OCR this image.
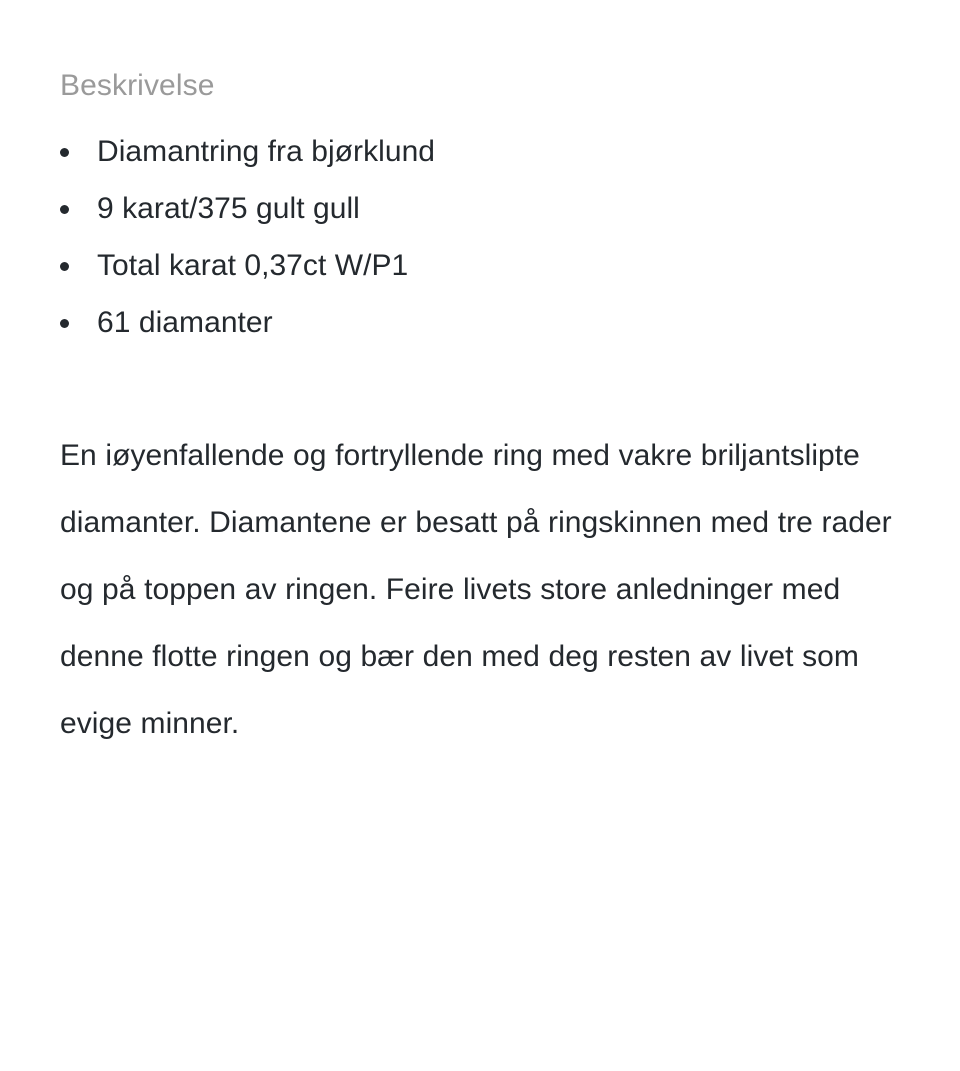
Beskrivelse
Diamantring fra bjørklund
9 karat/375 gult gull
Total karat 0,37ct W/P1
61 diamanter

En iøyenfallende og fortryllende ring med vakre briljantslipte diamanter. Diamantene er besatt på ringskinnen med tre rader og på toppen av ringen. Feire livets store anledninger med denne flotte ringen og bær den med deg resten av livet som evige minner.
